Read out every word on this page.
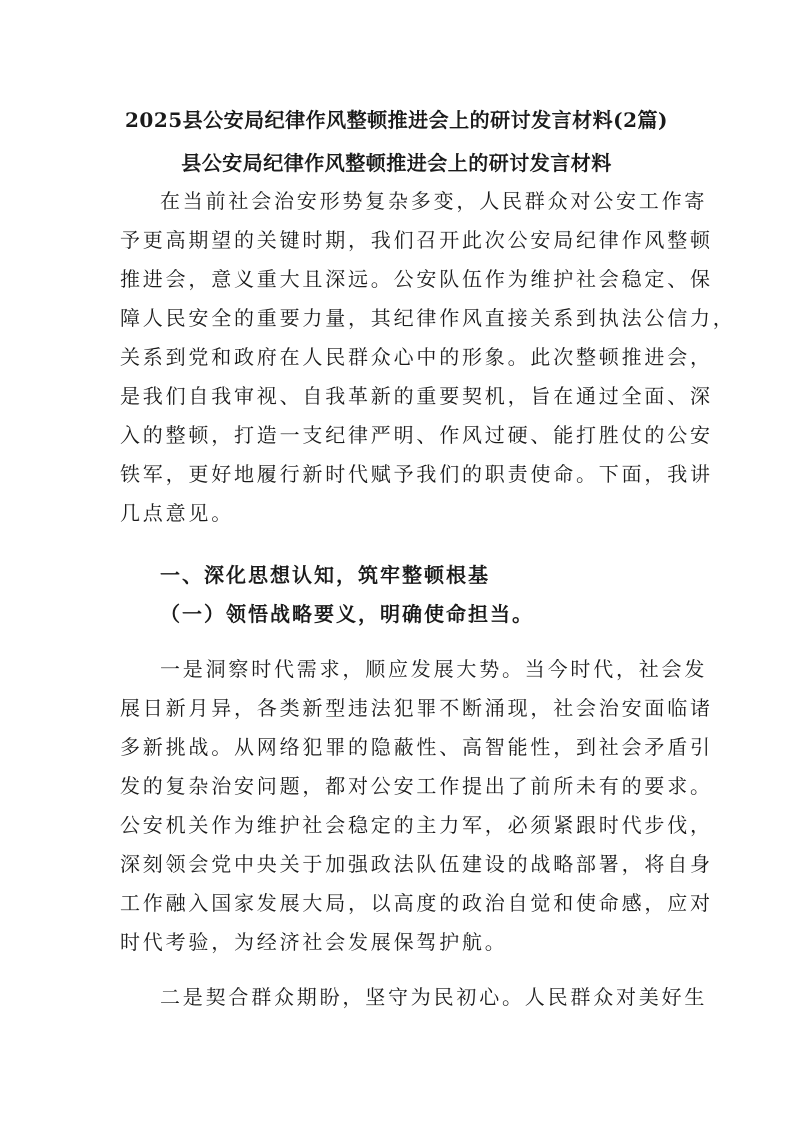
2025县公安局纪律作风整顿推进会上的研讨发言材料(2篇)
县公安局纪律作风整顿推进会上的研讨发言材料
在当前社会治安形势复杂多变，人民群众对公安工作寄
予更高期望的关键时期，我们召开此次公安局纪律作风整顿
推进会，意义重大且深远。公安队伍作为维护社会稳定、保
障人民安全的重要力量，其纪律作风直接关系到执法公信力，
关系到党和政府在人民群众心中的形象。此次整顿推进会，
是我们自我审视、自我革新的重要契机，旨在通过全面、深
入的整顿，打造一支纪律严明、作风过硬、能打胜仗的公安
铁军，更好地履行新时代赋予我们的职责使命。下面，我讲
几点意见。
一、深化思想认知，筑牢整顿根基
（一）领悟战略要义，明确使命担当。
一是洞察时代需求，顺应发展大势。当今时代，社会发
展日新月异，各类新型违法犯罪不断涌现，社会治安面临诸
多新挑战。从网络犯罪的隐蔽性、高智能性，到社会矛盾引
发的复杂治安问题，都对公安工作提出了前所未有的要求。
公安机关作为维护社会稳定的主力军，必须紧跟时代步伐，
深刻领会党中央关于加强政法队伍建设的战略部署，将自身
工作融入国家发展大局，以高度的政治自觉和使命感，应对
时代考验，为经济社会发展保驾护航。
二是契合群众期盼，坚守为民初心。人民群众对美好生
